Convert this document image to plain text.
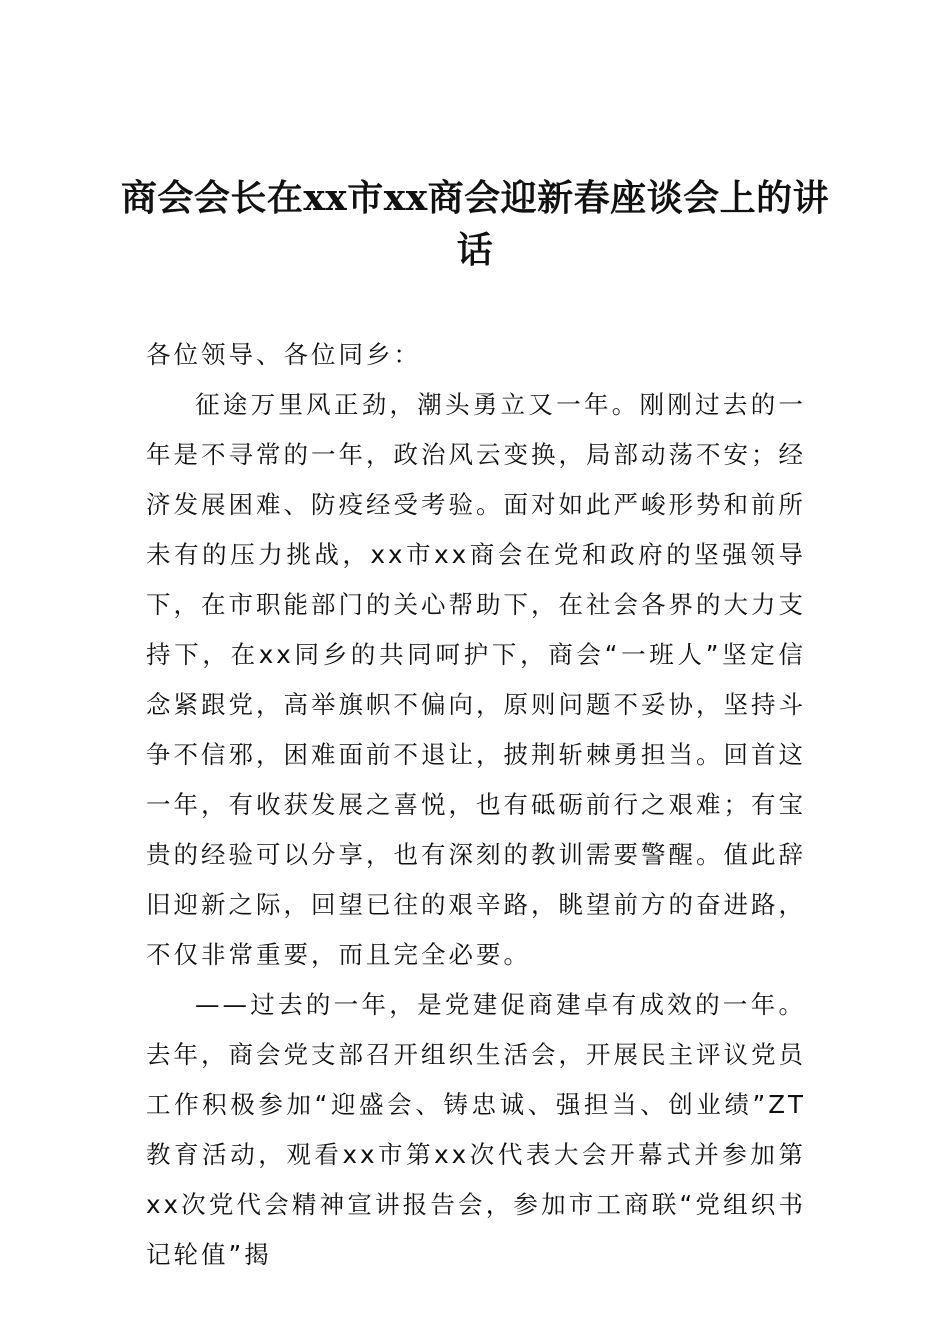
商会会长在xx市xx商会迎新春座谈会上的讲话

各位领导、各位同乡：

征途万里风正劲，潮头勇立又一年。刚刚过去的一年是不寻常的一年，政治风云变换，局部动荡不安；经济发展困难、防疫经受考验。面对如此严峻形势和前所未有的压力挑战，xx市xx商会在党和政府的坚强领导下，在市职能部门的关心帮助下，在社会各界的大力支持下，在xx同乡的共同呵护下，商会“一班人”坚定信念紧跟党，高举旗帜不偏向，原则问题不妥协，坚持斗争不信邪，困难面前不退让，披荆斩棘勇担当。回首这一年，有收获发展之喜悦，也有砥砺前行之艰难；有宝贵的经验可以分享，也有深刻的教训需要警醒。值此辞旧迎新之际，回望已往的艰辛路，眺望前方的奋进路，不仅非常重要，而且完全必要。

——过去的一年，是党建促商建卓有成效的一年。去年，商会党支部召开组织生活会，开展民主评议党员工作积极参加“迎盛会、铸忠诚、强担当、创业绩”ZT教育活动，观看xx市第xx次代表大会开幕式并参加第xx次党代会精神宣讲报告会，参加市工商联“党组织书记轮值”揭
